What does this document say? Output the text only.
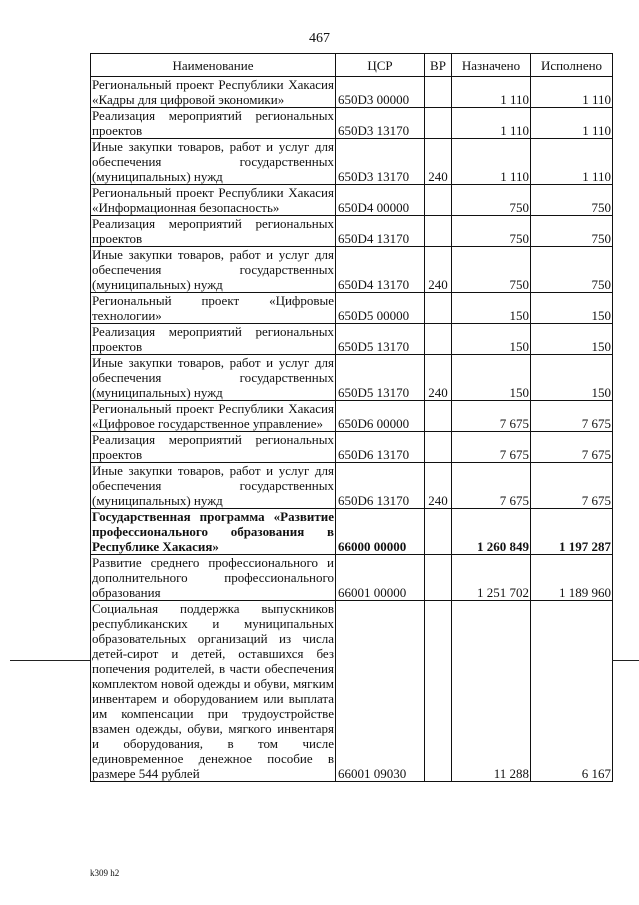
467
Наименование	ЦСР	ВР	Назначено	Исполнено
Региональный проект Республики Хакасия «Кадры для цифровой экономики»	650D3 00000		1 110	1 110
Реализация мероприятий региональных проектов	650D3 13170		1 110	1 110
Иные закупки товаров, работ и услуг для обеспечения государственных (муниципальных) нужд	650D3 13170	240	1 110	1 110
Региональный проект Республики Хакасия «Информационная безопасность»	650D4 00000		750	750
Реализация мероприятий региональных проектов	650D4 13170		750	750
Иные закупки товаров, работ и услуг для обеспечения государственных (муниципальных) нужд	650D4 13170	240	750	750
Региональный проект «Цифровые технологии»	650D5 00000		150	150
Реализация мероприятий региональных проектов	650D5 13170		150	150
Иные закупки товаров, работ и услуг для обеспечения государственных (муниципальных) нужд	650D5 13170	240	150	150
Региональный проект Республики Хакасия «Цифровое государственное управление»	650D6 00000		7 675	7 675
Реализация мероприятий региональных проектов	650D6 13170		7 675	7 675
Иные закупки товаров, работ и услуг для обеспечения государственных (муниципальных) нужд	650D6 13170	240	7 675	7 675
Государственная программа «Развитие профессионального образования в Республике Хакасия»	66000 00000		1 260 849	1 197 287
Развитие среднего профессионального и дополнительного профессионального образования	66001 00000		1 251 702	1 189 960
Социальная поддержка выпускников республиканских и муниципальных образовательных организаций из числа детей-сирот и детей, оставшихся без попечения родителей, в части обеспечения комплектом новой одежды и обуви, мягким инвентарем и оборудованием или выплата им компенсации при трудоустройстве взамен одежды, обуви, мягкого инвентаря и оборудования, в том числе единовременное денежное пособие в размере 544 рублей	66001 09030		11 288	6 167
k309 h2
